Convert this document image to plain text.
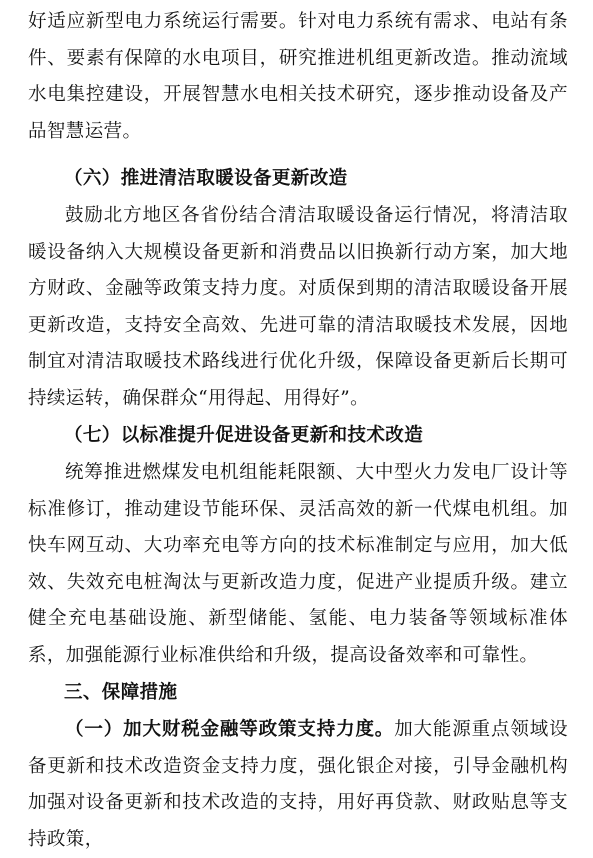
好适应新型电力系统运行需要。针对电力系统有需求、电站有条件、要素有保障的水电项目，研究推进机组更新改造。推动流域水电集控建设，开展智慧水电相关技术研究，逐步推动设备及产品智慧运营。

（六）推进清洁取暖设备更新改造

鼓励北方地区各省份结合清洁取暖设备运行情况，将清洁取暖设备纳入大规模设备更新和消费品以旧换新行动方案，加大地方财政、金融等政策支持力度。对质保到期的清洁取暖设备开展更新改造，支持安全高效、先进可靠的清洁取暖技术发展，因地制宜对清洁取暖技术路线进行优化升级，保障设备更新后长期可持续运转，确保群众“用得起、用得好”。

（七）以标准提升促进设备更新和技术改造

统筹推进燃煤发电机组能耗限额、大中型火力发电厂设计等标准修订，推动建设节能环保、灵活高效的新一代煤电机组。加快车网互动、大功率充电等方向的技术标准制定与应用，加大低效、失效充电桩淘汰与更新改造力度，促进产业提质升级。建立健全充电基础设施、新型储能、氢能、电力装备等领域标准体系，加强能源行业标准供给和升级，提高设备效率和可靠性。

三、保障措施

（一）加大财税金融等政策支持力度。加大能源重点领域设备更新和技术改造资金支持力度，强化银企对接，引导金融机构加强对设备更新和技术改造的支持，用好再贷款、财政贴息等支持政策，
